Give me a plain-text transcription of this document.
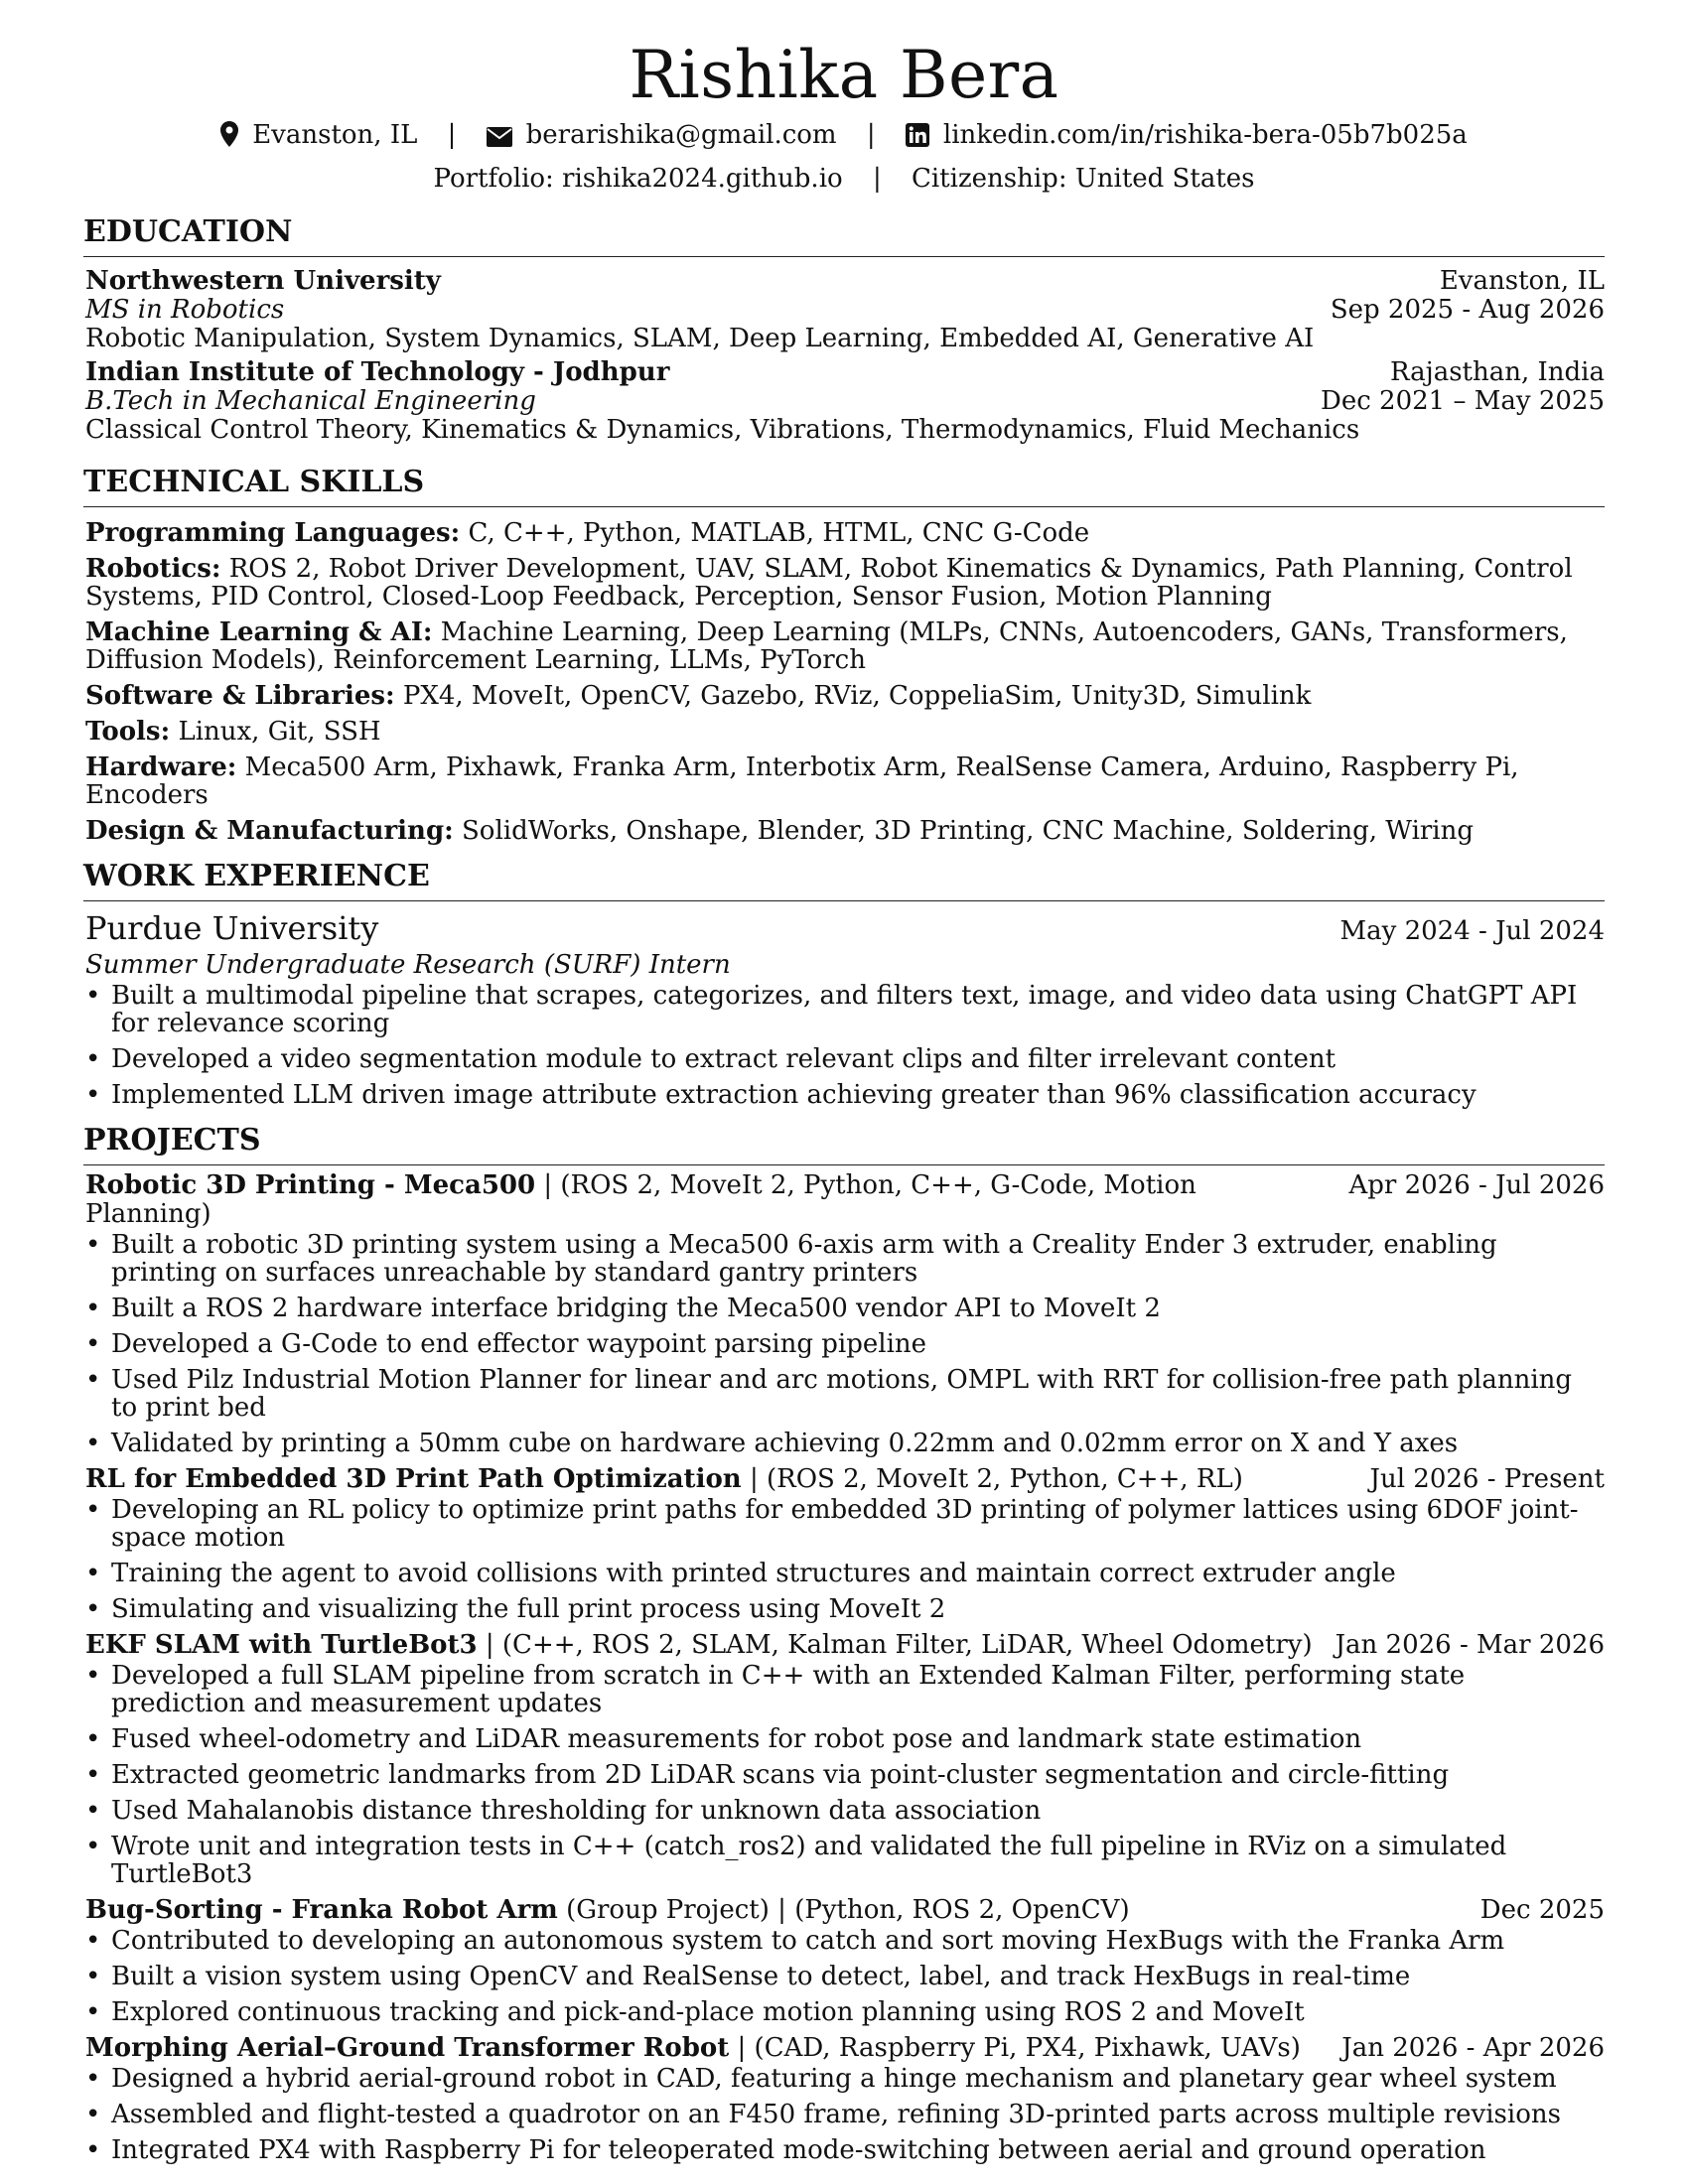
Rishika Bera
Evanston, IL |	berarishika@gmail.com |	linkedin.com/in/rishika-bera-05b7b025a
Portfolio: rishika2024.github.io | Citizenship: United States
EDUCATION
Northwestern University	Evanston, IL
MS in Robotics	Sep 2025 - Aug 2026
Robotic Manipulation, System Dynamics, SLAM, Deep Learning, Embedded AI, Generative AI
Indian Institute of Technology - Jodhpur	Rajasthan, India
B.Tech in Mechanical Engineering	Dec 2021 – May 2025
Classical Control Theory, Kinematics & Dynamics, Vibrations, Thermodynamics, Fluid Mechanics
TECHNICAL SKILLS
Programming Languages: C, C++, Python, MATLAB, HTML, CNC G-Code
Robotics: ROS 2, Robot Driver Development, UAV, SLAM, Robot Kinematics & Dynamics, Path Planning, Control Systems, PID Control, Closed-Loop Feedback, Perception, Sensor Fusion, Motion Planning
Machine Learning & AI: Machine Learning, Deep Learning (MLPs, CNNs, Autoencoders, GANs, Transformers, Diffusion Models), Reinforcement Learning, LLMs, PyTorch
Software & Libraries: PX4, MoveIt, OpenCV, Gazebo, RViz, CoppeliaSim, Unity3D, Simulink
Tools: Linux, Git, SSH
Hardware: Meca500 Arm, Pixhawk, Franka Arm, Interbotix Arm, RealSense Camera, Arduino, Raspberry Pi, Encoders
Design & Manufacturing: SolidWorks, Onshape, Blender, 3D Printing, CNC Machine, Soldering, Wiring
WORK EXPERIENCE
Purdue University	May 2024 - Jul 2024
Summer Undergraduate Research (SURF) Intern
• Built a multimodal pipeline that scrapes, categorizes, and filters text, image, and video data using ChatGPT API for relevance scoring
• Developed a video segmentation module to extract relevant clips and filter irrelevant content
• Implemented LLM driven image attribute extraction achieving greater than 96% classification accuracy
PROJECTS
Robotic 3D Printing - Meca500 | (ROS 2, MoveIt 2, Python, C++, G-Code, Motion Planning)
Apr 2026 - Jul 2026
• Built a robotic 3D printing system using a Meca500 6-axis arm with a Creality Ender 3 extruder, enabling printing on surfaces unreachable by standard gantry printers
• Built a ROS 2 hardware interface bridging the Meca500 vendor API to MoveIt 2
• Developed a G-Code to end effector waypoint parsing pipeline
• Used Pilz Industrial Motion Planner for linear and arc motions, OMPL with RRT for collision-free path planning to print bed
• Validated by printing a 50mm cube on hardware achieving 0.22mm and 0.02mm error on X and Y axes
RL for Embedded 3D Print Path Optimization | (ROS 2, MoveIt 2, Python, C++, RL)	Jul 2026 - Present
• Developing an RL policy to optimize print paths for embedded 3D printing of polymer lattices using 6DOF joint-space motion
• Training the agent to avoid collisions with printed structures and maintain correct extruder angle
• Simulating and visualizing the full print process using MoveIt 2
EKF SLAM with TurtleBot3 | (C++, ROS 2, SLAM, Kalman Filter, LiDAR, Wheel Odometry) Jan 2026 - Mar 2026
• Developed a full SLAM pipeline from scratch in C++ with an Extended Kalman Filter, performing state prediction and measurement updates
• Fused wheel-odometry and LiDAR measurements for robot pose and landmark state estimation
• Extracted geometric landmarks from 2D LiDAR scans via point-cluster segmentation and circle-fitting
• Used Mahalanobis distance thresholding for unknown data association
• Wrote unit and integration tests in C++ (catch_ros2) and validated the full pipeline in RViz on a simulated TurtleBot3
Bug-Sorting - Franka Robot Arm (Group Project) | (Python, ROS 2, OpenCV)	Dec 2025
• Contributed to developing an autonomous system to catch and sort moving HexBugs with the Franka Arm
• Built a vision system using OpenCV and RealSense to detect, label, and track HexBugs in real-time
• Explored continuous tracking and pick-and-place motion planning using ROS 2 and MoveIt
Morphing Aerial–Ground Transformer Robot | (CAD, Raspberry Pi, PX4, Pixhawk, UAVs)	Jan 2026 - Apr 2026
• Designed a hybrid aerial-ground robot in CAD, featuring a hinge mechanism and planetary gear wheel system
• Assembled and flight-tested a quadrotor on an F450 frame, refining 3D-printed parts across multiple revisions
• Integrated PX4 with Raspberry Pi for teleoperated mode-switching between aerial and ground operation
